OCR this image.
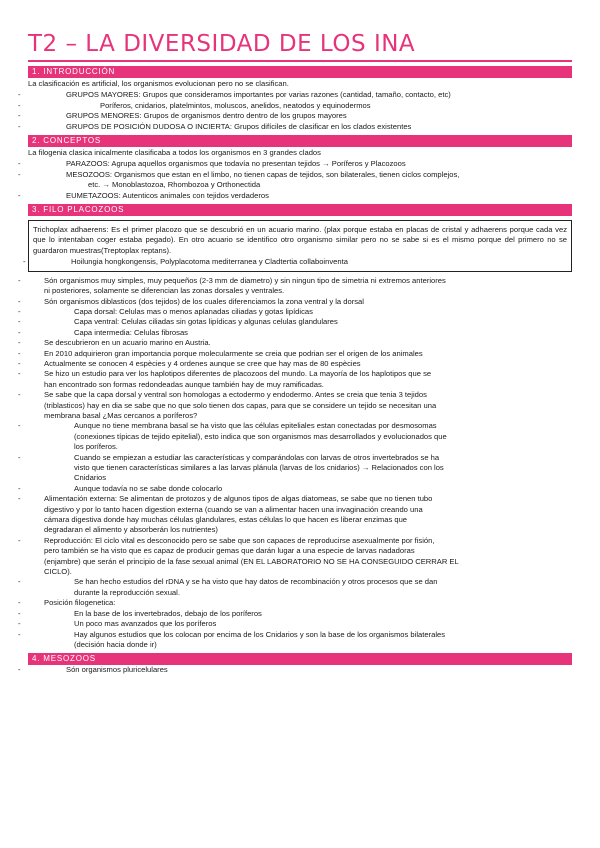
T2 – LA DIVERSIDAD DE LOS INA
1. INTRODUCCIÓN
La clasificación es artificial, los organismos evolucionan pero no se clasifican.
- GRUPOS MAYORES: Grupos que consideramos importantes por varias razones (cantidad, tamaño, contacto, etc)
- Poríferos, cnidarios, platelmintos, moluscos, anelidos, neatodos y equinodermos
- GRUPOS MENORES: Grupos de organismos dentro dentro de los grupos mayores
- GRUPOS DE POSICIÓN DUDOSA O INCIERTA: Grupos difíciles de clasificar en los clados existentes
2. CONCEPTOS
La filogenia clasica inicalmente clasificaba a todos los organismos en 3 grandes clados
- PARAZOOS: Agrupa aquellos organismos que todavía no presentan tejidos → Poríferos y Placozoos
- MESOZOOS: Organismos que estan en el limbo, no tienen capas de tejidos, son bilaterales, tienen ciclos complejos,
etc. → Monoblastozoa, Rhombozoa y Orthonectida
- EUMETAZOOS: Autenticos animales con tejidos verdaderos
3. FILO PLACOZOOS
Trichoplax adhaerens: Es el primer placozo que se descubrió en un acuario marino. (plax porque estaba en placas de cristal y adhaerens porque cada vez que lo intentaban coger estaba pegado). En otro acuario se identifico otro organismo similar pero no se sabe si es el mismo porque del primero no se guardaron muestras(Treptoplax reptans).
- Hoilungia hongkongensis, Polyplacotoma mediterranea y Cladtertia collaboinventa
- Són organismos muy simples, muy pequeños (2-3 mm de diametro) y sin ningun tipo de simetria ni extremos anteriores
ni posteriores, solamente se diferencian las zonas dorsales y ventrales.
- Són organismos diblasticos (dos tejidos) de los cuales diferenciamos la zona ventral y la dorsal
- Capa dorsal: Celulas mas o menos aplanadas ciliadas y gotas lipídicas
- Capa ventral: Celulas ciliadas sin gotas lipídicas y algunas celulas glandulares
- Capa intermedia: Celulas fibrosas
- Se descubrieron en un acuario marino en Austria.
- En 2010 adquirieron gran importancia porque molecularmente se creia que podrian ser el origen de los animales
- Actualmente se conocen 4 espècies y 4 ordenes aunque se cree que hay mas de 80 espècies
- Se hizo un estudio para ver los haplotipos diferentes de placozoos del mundo. La mayoría de los haplotipos que se
han encontrado son formas redondeadas aunque también hay de muy ramificadas.
- Se sabe que la capa dorsal y ventral son homologas a ectodermo y endodermo. Antes se creia que tenia 3 tejidos
(triblasticos) hay en dia se sabe que no que solo tienen dos capas, para que se considere un tejido se necesitan una
membrana basal ¿Mas cercanos a poríferos?
- Aunque no tiene membrana basal se ha visto que las células epiteliales estan conectadas por desmosomas
(conexiones típicas de tejido epitelial), esto indica que son organismos mas desarrollados y evolucionados que
los poríferos.
- Cuando se empiezan a estudiar las características y comparándolas con larvas de otros invertebrados se ha
visto que tienen características similares a las larvas plánula (larvas de los cnidarios) → Relacionados con los
Cnidarios
- Aunque todavía no se sabe donde colocarlo
- Alimentación externa: Se alimentan de protozos y de algunos tipos de algas diatomeas, se sabe que no tienen tubo
digestivo y por lo tanto hacen digestion externa (cuando se van a alimentar hacen una invaginación creando una
cámara digestiva donde hay muchas células glandulares, estas células lo que hacen es liberar enzimas que
degradaran el alimento y absorberán los nutrientes)
- Reproducción: El ciclo vital es desconocido pero se sabe que son capaces de reproducirse asexualmente por fisión,
pero también se ha visto que es capaz de producir gemas que darán lugar a una especie de larvas nadadoras
(enjambre) que serán el principio de la fase sexual animal (EN EL LABORATORIO NO SE HA CONSEGUIDO CERRAR EL
CICLO).
- Se han hecho estudios del rDNA y se ha visto que hay datos de recombinación y otros procesos que se dan
durante la reproducción sexual.
- Posición filogenetica:
- En la base de los invertebrados, debajo de los poríferos
- Un poco mas avanzados que los poríferos
- Hay algunos estudios que los colocan por encima de los Cnidarios y son la base de los organismos bilaterales
(decisión hacia donde ir)
4. MESOZOOS
- Són organismos pluricelulares
